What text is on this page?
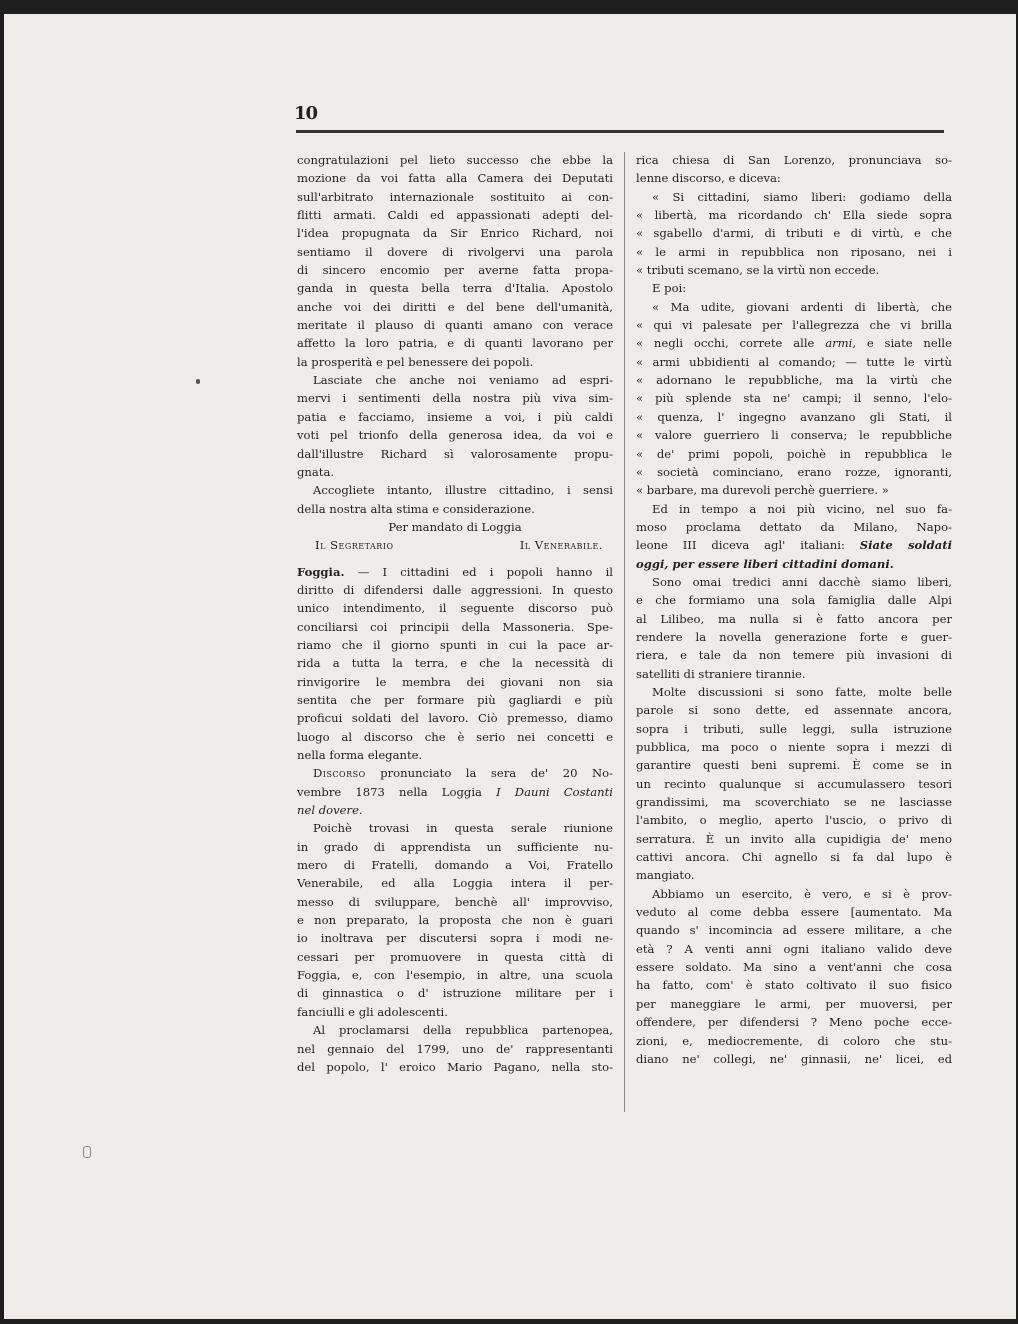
10
congratulazioni pel lieto successo che ebbe la
mozione da voi fatta alla Camera dei Deputati
sull'arbitrato internazionale sostituito ai con-
flitti armati. Caldi ed appassionati adepti del-
l'idea propugnata da Sir Enrico Richard, noi
sentiamo il dovere di rivolgervi una parola
di sincero encomio per averne fatta propa-
ganda in questa bella terra d'Italia. Apostolo
anche voi dei diritti e del bene dell'umanità,
meritate il plauso di quanti amano con verace
affetto la loro patria, e di quanti lavorano per
la prosperità e pel benessere dei popoli.
Lasciate che anche noi veniamo ad espri-
mervi i sentimenti della nostra più viva sim-
patia e facciamo, insieme a voi, i più caldi
voti pel trionfo della generosa idea, da voi e
dall'illustre Richard sì valorosamente propu-
gnata.
Accogliete intanto, illustre cittadino, i sensi
della nostra alta stima e considerazione.
Per mandato di Loggia
Il Segretario	Il Venerabile.
Foggia. — I cittadini ed i popoli hanno il
diritto di difendersi dalle aggressioni. In questo
unico intendimento, il seguente discorso può
conciliarsi coi principii della Massoneria. Spe-
riamo che il giorno spunti in cui la pace ar-
rida a tutta la terra, e che la necessità di
rinvigorire le membra dei giovani non sia
sentita che per formare più gagliardi e più
proficui soldati del lavoro. Ciò premesso, diamo
luogo al discorso che è serio nei concetti e
nella forma elegante.
Discorso pronunciato la sera de' 20 No-
vembre 1873 nella Loggia I Dauni Costanti
nel dovere.
Poichè trovasi in questa serale riunione
in grado di apprendista un sufficiente nu-
mero di Fratelli, domando a Voi, Fratello
Venerabile, ed alla Loggia intera il per-
messo di sviluppare, benchè all' improvviso,
e non preparato, la proposta che non è guari
io inoltrava per discutersi sopra i modi ne-
cessari per promuovere in questa città di
Foggia, e, con l'esempio, in altre, una scuola
di ginnastica o d' istruzione militare per i
fanciulli e gli adolescenti.
Al proclamarsi della repubblica partenopea,
nel gennaio del 1799, uno de' rappresentanti
del popolo, l' eroico Mario Pagano, nella sto-
rica chiesa di San Lorenzo, pronunciava so-
lenne discorso, e diceva:
« Si cittadini, siamo liberi: godiamo della
« libertà, ma ricordando ch' Ella siede sopra
« sgabello d'armi, di tributi e di virtù, e che
« le armi in repubblica non riposano, nei i
« tributi scemano, se la virtù non eccede.
E poi:
« Ma udite, giovani ardenti di libertà, che
« qui vi palesate per l'allegrezza che vi brilla
« negli occhi, correte alle armi, e siate nelle
« armi ubbidienti al comando; — tutte le virtù
« adornano le repubbliche, ma la virtù che
« più splende sta ne' campi; il senno, l'elo-
« quenza, l' ingegno avanzano gli Stati, il
« valore guerriero li conserva; le repubbliche
« de' primi popoli, poichè in repubblica le
« società cominciano, erano rozze, ignoranti,
« barbare, ma durevoli perchè guerriere. »
Ed in tempo a noi più vicino, nel suo fa-
moso proclama dettato da Milano, Napo-
leone III diceva agl' italiani: Siate soldati
oggi, per essere liberi cittadini domani.
Sono omai tredici anni dacchè siamo liberi,
e che formiamo una sola famiglia dalle Alpi
al Lilibeo, ma nulla si è fatto ancora per
rendere la novella generazione forte e guer-
riera, e tale da non temere più invasioni di
satelliti di straniere tirannie.
Molte discussioni si sono fatte, molte belle
parole si sono dette, ed assennate ancora,
sopra i tributi, sulle leggi, sulla istruzione
pubblica, ma poco o niente sopra i mezzi di
garantire questi beni supremi. È come se in
un recinto qualunque si accumulassero tesori
grandissimi, ma scoverchiato se ne lasciasse
l'ambito, o meglio, aperto l'uscio, o privo di
serratura. È un invito alla cupidigia de' meno
cattivi ancora. Chi agnello si fa dal lupo è
mangiato.
Abbiamo un esercito, è vero, e si è prov-
veduto al come debba essere [aumentato. Ma
quando s' incomincia ad essere militare, a che
età ? A venti anni ogni italiano valido deve
essere soldato. Ma sino a vent'anni che cosa
ha fatto, com' è stato coltivato il suo fisico
per maneggiare le armi, per muoversi, per
offendere, per difendersi ? Meno poche ecce-
zioni, e, mediocremente, di coloro che stu-
diano ne' collegi, ne' ginnasii, ne' licei, ed
